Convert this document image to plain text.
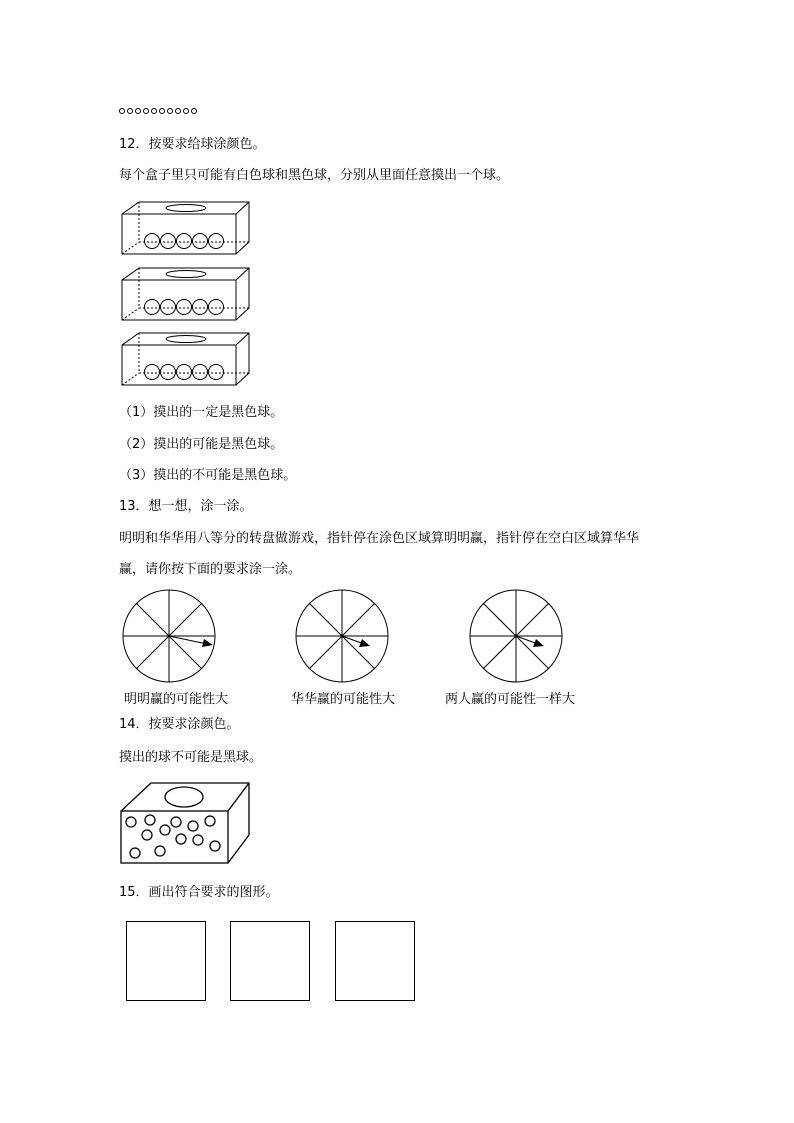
12．按要求给球涂颜色。
每个盒子里只可能有白色球和黑色球，分别从里面任意摸出一个球。
（1）摸出的一定是黑色球。
（2）摸出的可能是黑色球。
（3）摸出的不可能是黑色球。
13．想一想，涂一涂。
明明和华华用八等分的转盘做游戏，指针停在涂色区域算明明赢，指针停在空白区域算华华
赢，请你按下面的要求涂一涂。
明明赢的可能性大	华华赢的可能性大	两人赢的可能性一样大
14．按要求涂颜色。
摸出的球不可能是黑球。
15．画出符合要求的图形。
